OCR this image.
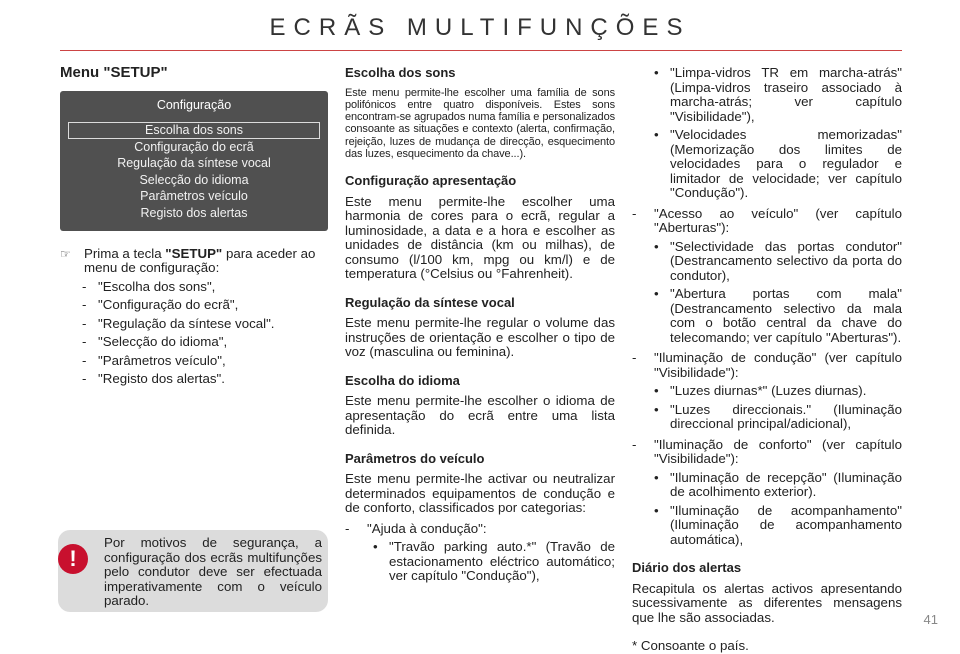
ECRÃS MULTIFUNÇÕES
Menu "SETUP"
Configuração
Escolha dos sons
Configuração do ecrã
Regulação da síntese vocal
Selecção do idioma
Parâmetros veículo
Registo dos alertas
☞ Prima a tecla "SETUP" para aceder ao menu de configuração:
- "Escolha dos sons",
- "Configuração do ecrã",
- "Regulação da síntese vocal".
- "Selecção do idioma",
- "Parâmetros veículo",
- "Registo dos alertas".
!
Por motivos de segurança, a configuração dos ecrãs multifunções pelo condutor deve ser efectuada imperativamente com o veículo parado.
Escolha dos sons
Este menu permite-lhe escolher uma família de sons polifónicos entre quatro disponíveis. Estes sons encontram-se agrupados numa família e personalizados consoante as situações e contexto (alerta, confirmação, rejeição, luzes de mudança de direcção, esquecimento das luzes, esquecimento da chave...).
Configuração apresentação
Este menu permite-lhe escolher uma harmonia de cores para o ecrã, regular a luminosidade, a data e a hora e escolher as unidades de distância (km ou milhas), de consumo (l/100 km, mpg ou km/l) e de temperatura (°Celsius ou °Fahrenheit).
Regulação da síntese vocal
Este menu permite-lhe regular o volume das instruções de orientação e escolher o tipo de voz (masculina ou feminina).
Escolha do idioma
Este menu permite-lhe escolher o idioma de apresentação do ecrã entre uma lista definida.
Parâmetros do veículo
Este menu permite-lhe activar ou neutralizar determinados equipamentos de condução e de conforto, classificados por categorias:
-	"Ajuda à condução":
• "Travão parking auto.*" (Travão de estacionamento eléctrico automático; ver capítulo "Condução"),
• "Limpa-vidros TR em marcha-atrás" (Limpa-vidros traseiro associado à marcha-atrás; ver capítulo "Visibilidade"),
• "Velocidades memorizadas" (Memorização dos limites de velocidades para o regulador e limitador de velocidade; ver capítulo "Condução").
-	"Acesso ao veículo" (ver capítulo "Aberturas"):
• "Selectividade das portas condutor" (Destrancamento selectivo da porta do condutor),
• "Abertura portas com mala" (Destrancamento selectivo da mala com o botão central da chave do telecomando; ver capítulo "Aberturas").
-	"Iluminação de condução" (ver capítulo "Visibilidade"):
• "Luzes diurnas*" (Luzes diurnas).
• "Luzes direccionais." (Iluminação direccional principal/adicional),
-	"Iluminação de conforto" (ver capítulo "Visibilidade"):
• "Iluminação de recepção" (Iluminação de acolhimento exterior).
• "Iluminação de acompanhamento" (Iluminação de acompanhamento automática),
Diário dos alertas
Recapitula os alertas activos apresentando sucessivamente as diferentes mensagens que lhe são associadas.
* Consoante o país.
41
